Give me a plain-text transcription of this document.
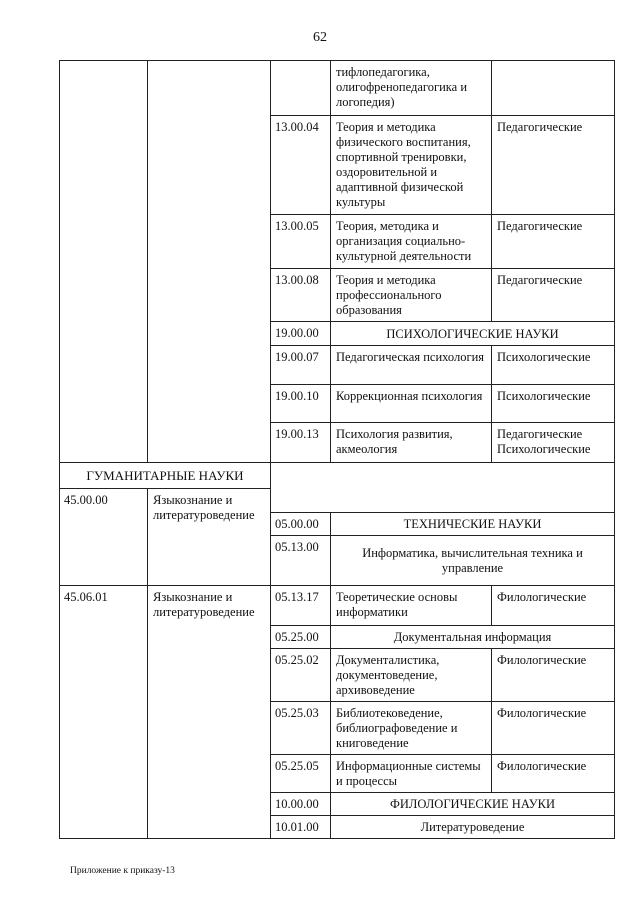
62
			тифлопедагогика, олигофренопедагогика и логопедия)	
		13.00.04	Теория и методика физического воспитания, спортивной тренировки, оздоровительной и адаптивной физической культуры	Педагогические
		13.00.05	Теория, методика и организация социально-культурной деятельности	Педагогические
		13.00.08	Теория и методика профессионального образования	Педагогические
		19.00.00	ПСИХОЛОГИЧЕСКИЕ НАУКИ	
		19.00.07	Педагогическая психология	Психологические
		19.00.10	Коррекционная психология	Психологические
		19.00.13	Психология развития, акмеология	Педагогические Психологические
ГУМАНИТАРНЫЕ НАУКИ				
45.00.00	Языкознание и литературоведение			
		05.00.00	ТЕХНИЧЕСКИЕ НАУКИ	
		05.13.00	Информатика, вычислительная техника и управление	
45.06.01	Языкознание и литературоведение	05.13.17	Теоретические основы информатики	Филологические
		05.25.00	Документальная информация	
		05.25.02	Документалистика, документоведение, архивоведение	Филологические
		05.25.03	Библиотековедение, библиографоведение и книговедение	Филологические
		05.25.05	Информационные системы и процессы	Филологические
		10.00.00	ФИЛОЛОГИЧЕСКИЕ НАУКИ	
		10.01.00	Литературоведение	
Приложение к приказу-13
